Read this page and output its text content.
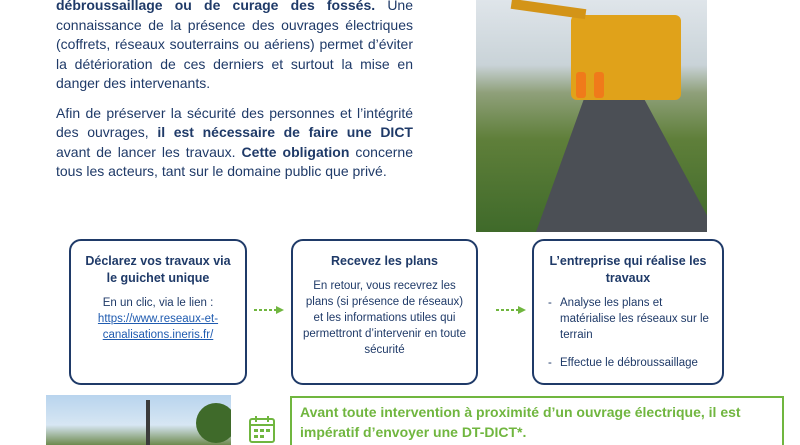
débroussaillage ou de curage des fossés. Une connaissance de la présence des ouvrages électriques (coffrets, réseaux souterrains ou aériens) permet d’éviter la détérioration de ces derniers et surtout la mise en danger des intervenants.

Afin de préserver la sécurité des personnes et l’intégrité des ouvrages, il est nécessaire de faire une DICT avant de lancer les travaux. Cette obligation concerne tous les acteurs, tant sur le domaine public que privé.

Déclarez vos travaux via le guichet unique
En un clic, via le lien :
https://www.reseaux-et-canalisations.ineris.fr/
Recevez les plans
En retour, vous recevrez les plans (si présence de réseaux) et les informations utiles qui permettront d’intervenir en toute sécurité
L’entreprise qui réalise les travaux
- Analyse les plans et matérialise les réseaux sur le terrain
- Effectue le débroussaillage
Avant toute intervention à proximité d’un ouvrage électrique, il est impératif d’envoyer une DT-DICT*.
